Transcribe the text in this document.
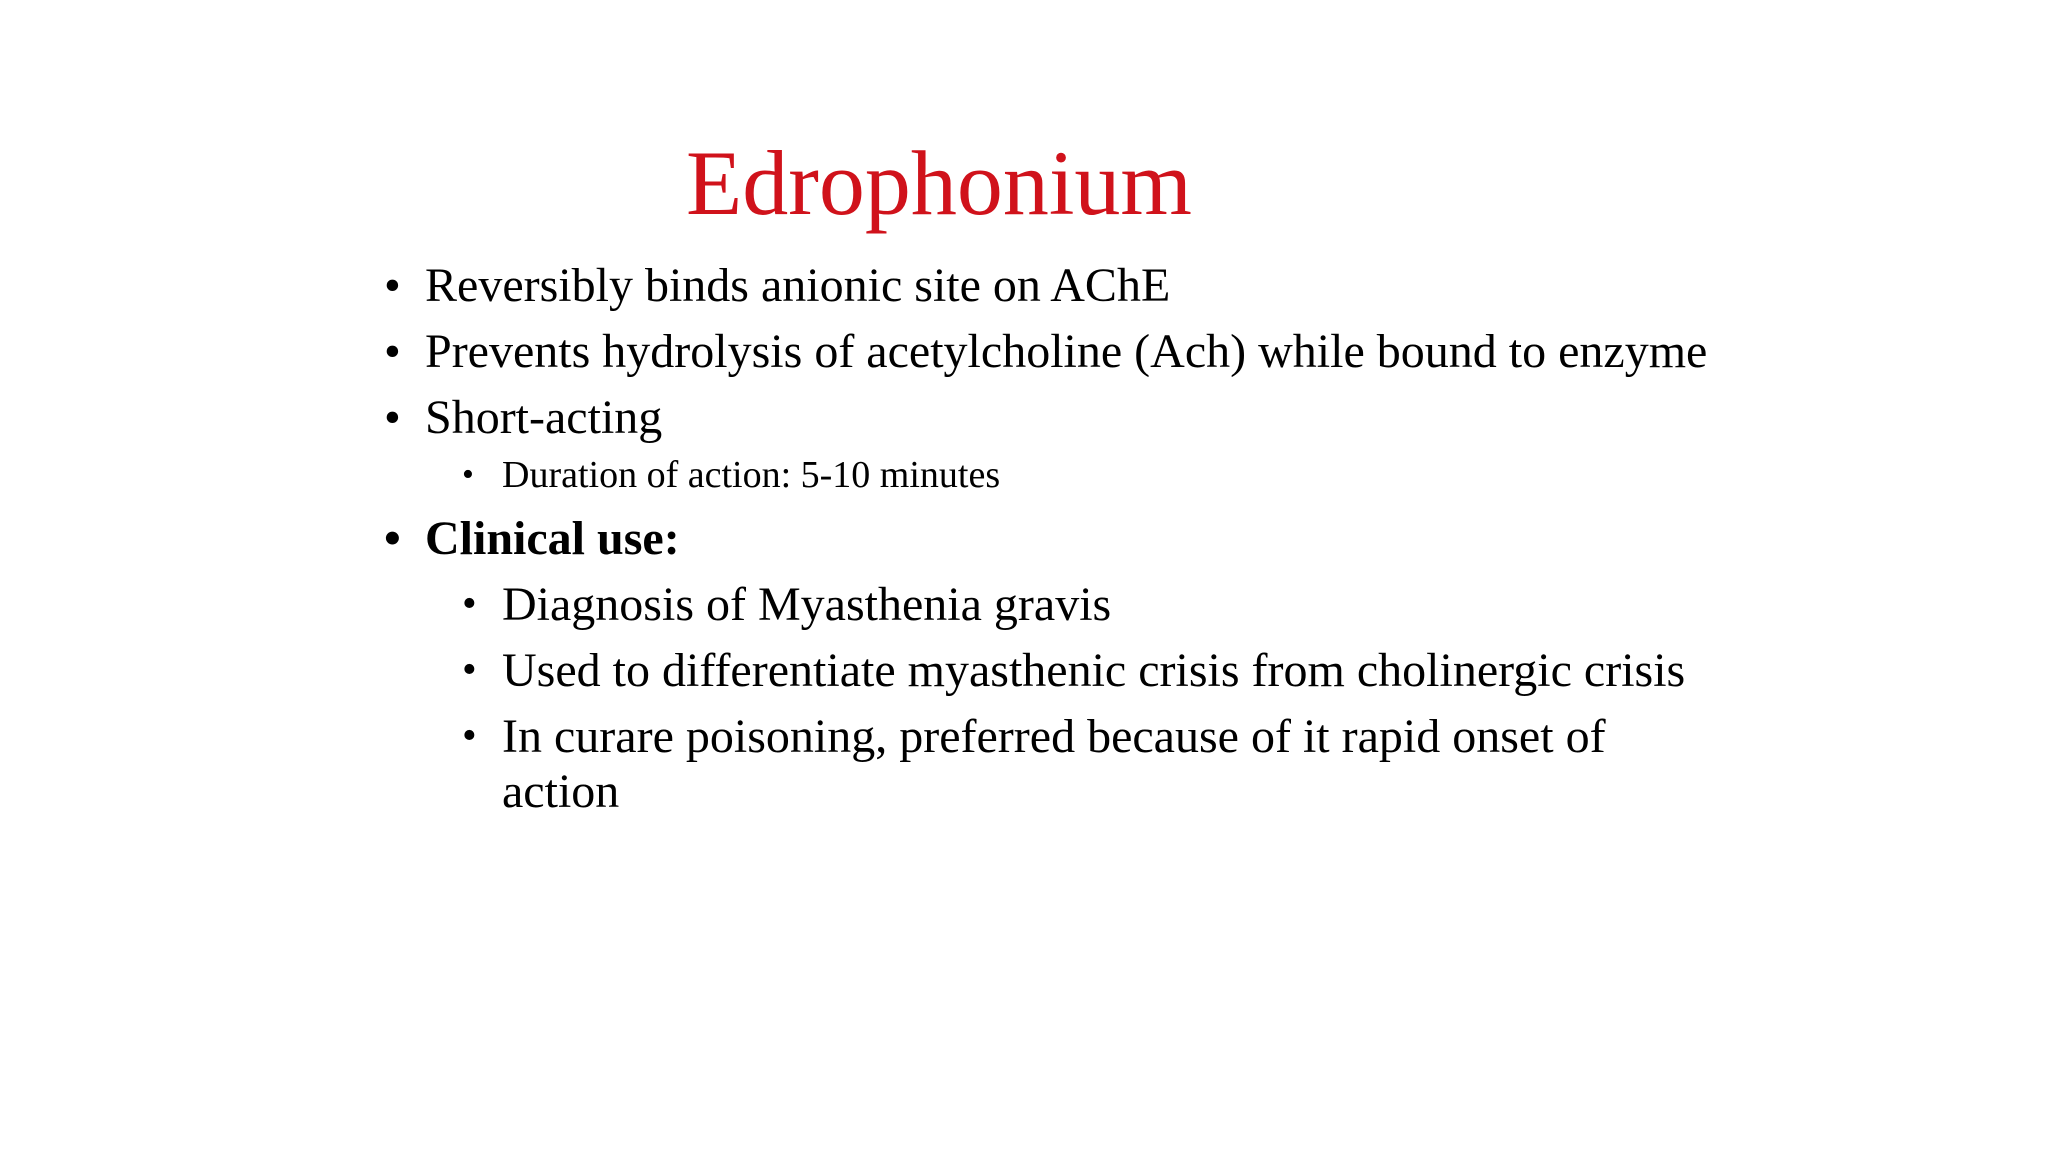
Edrophonium
• Reversibly binds anionic site on AChE
• Prevents hydrolysis of acetylcholine (Ach) while bound to enzyme
• Short-acting
• Duration of action: 5-10 minutes
• Clinical use:
• Diagnosis of Myasthenia gravis
• Used to differentiate myasthenic crisis from cholinergic crisis
• In curare poisoning, preferred because of it rapid onset of action
